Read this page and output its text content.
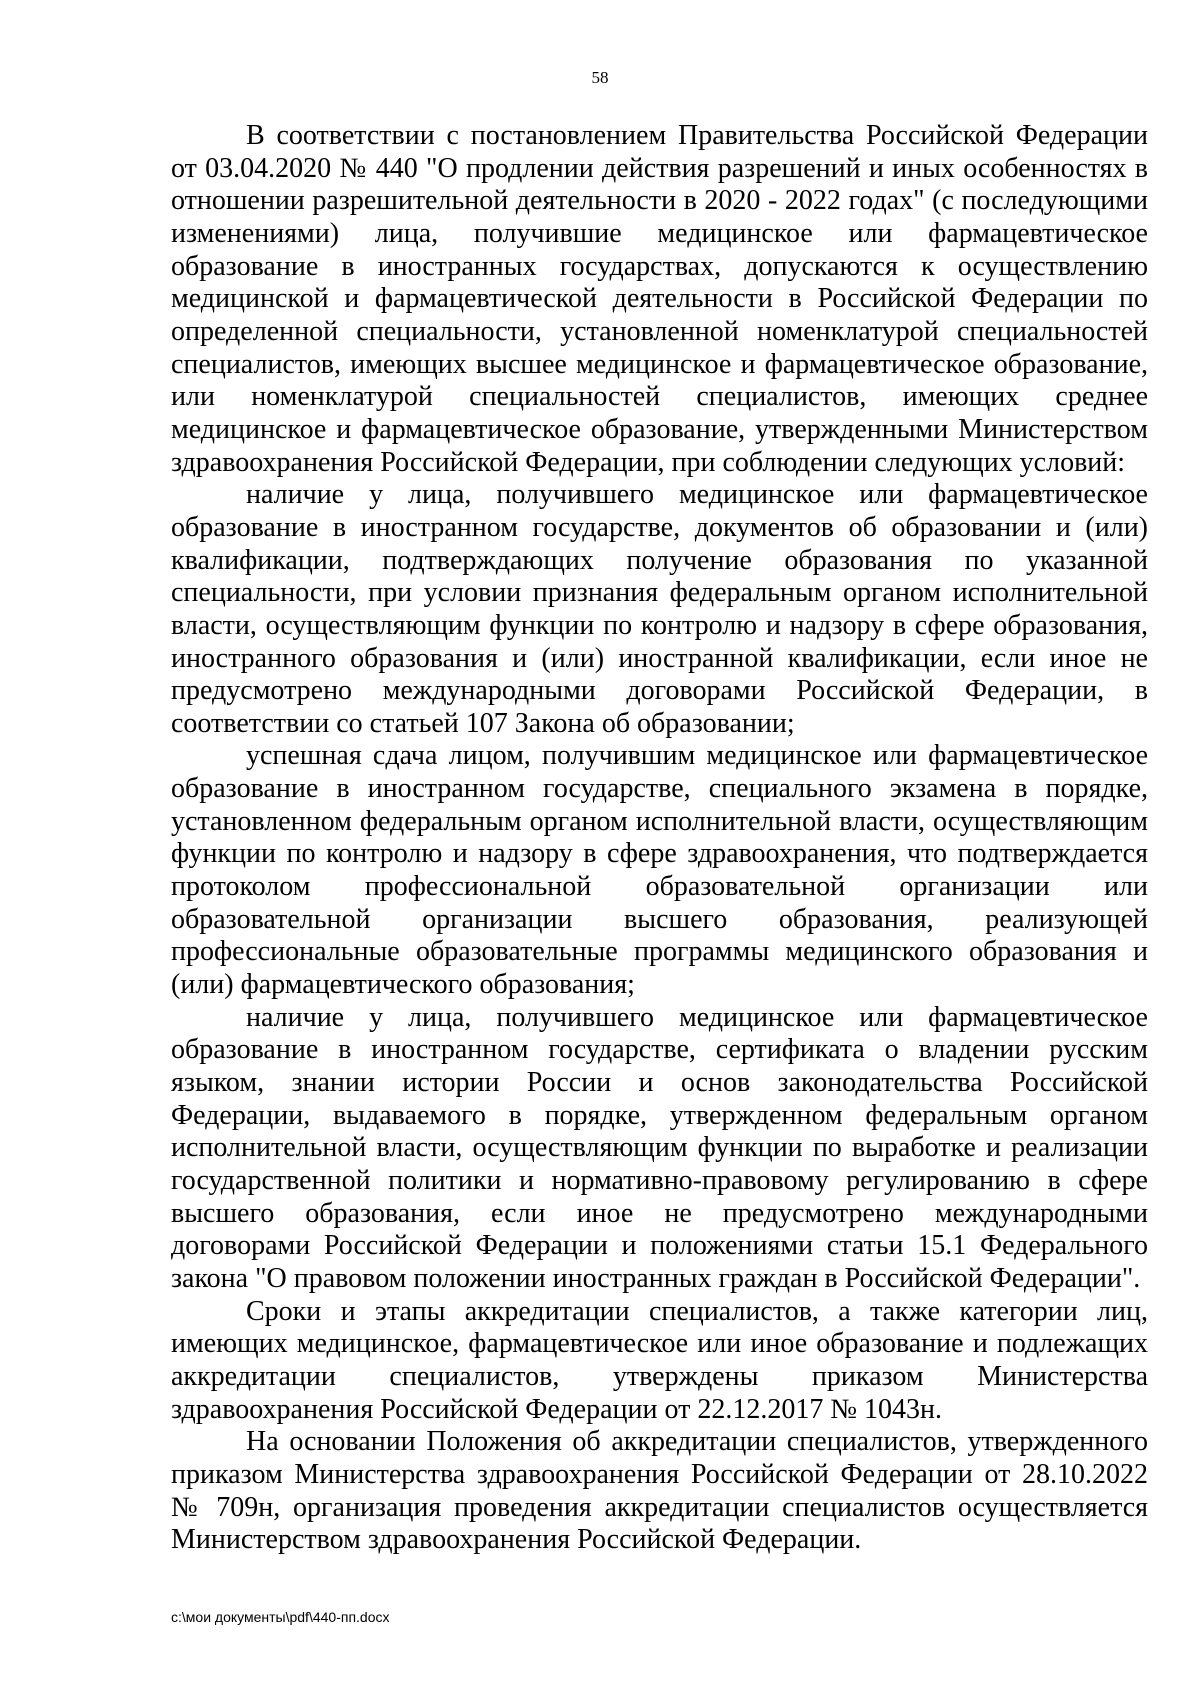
58

В соответствии с постановлением Правительства Российской Федерации от 03.04.2020 № 440 "О продлении действия разрешений и иных особенностях в отношении разрешительной деятельности в 2020 - 2022 годах" (с последующими изменениями) лица, получившие медицинское или фармацевтическое образование в иностранных государствах, допускаются к осуществлению медицинской и фармацевтической деятельности в Российской Федерации по определенной специальности, установленной номенклатурой специальностей специалистов, имеющих высшее медицинское и фармацевтическое образование, или номенклатурой специальностей специалистов, имеющих среднее медицинское и фармацевтическое образование, утвержденными Министерством здравоохранения Российской Федерации, при соблюдении следующих условий:

наличие у лица, получившего медицинское или фармацевтическое образование в иностранном государстве, документов об образовании и (или) квалификации, подтверждающих получение образования по указанной специальности, при условии признания федеральным органом исполнительной власти, осуществляющим функции по контролю и надзору в сфере образования, иностранного образования и (или) иностранной квалификации, если иное не предусмотрено международными договорами Российской Федерации, в соответствии со статьей 107 Закона об образовании;

успешная сдача лицом, получившим медицинское или фармацевтическое образование в иностранном государстве, специального экзамена в порядке, установленном федеральным органом исполнительной власти, осуществляющим функции по контролю и надзору в сфере здравоохранения, что подтверждается протоколом профессиональной образовательной организации или образовательной организации высшего образования, реализующей профессиональные образовательные программы медицинского образования и (или) фармацевтического образования;

наличие у лица, получившего медицинское или фармацевтическое образование в иностранном государстве, сертификата о владении русским языком, знании истории России и основ законодательства Российской Федерации, выдаваемого в порядке, утвержденном федеральным органом исполнительной власти, осуществляющим функции по выработке и реализации государственной политики и нормативно-правовому регулированию в сфере высшего образования, если иное не предусмотрено международными договорами Российской Федерации и положениями статьи 15.1 Федерального закона "О правовом положении иностранных граждан в Российской Федерации".

Сроки и этапы аккредитации специалистов, а также категории лиц, имеющих медицинское, фармацевтическое или иное образование и подлежащих аккредитации специалистов, утверждены приказом Министерства здравоохранения Российской Федерации от 22.12.2017 № 1043н.

На основании Положения об аккредитации специалистов, утвержденного приказом Министерства здравоохранения Российской Федерации от 28.10.2022 № 709н, организация проведения аккредитации специалистов осуществляется Министерством здравоохранения Российской Федерации.

c:\мои документы\pdf\440-пп.docx
